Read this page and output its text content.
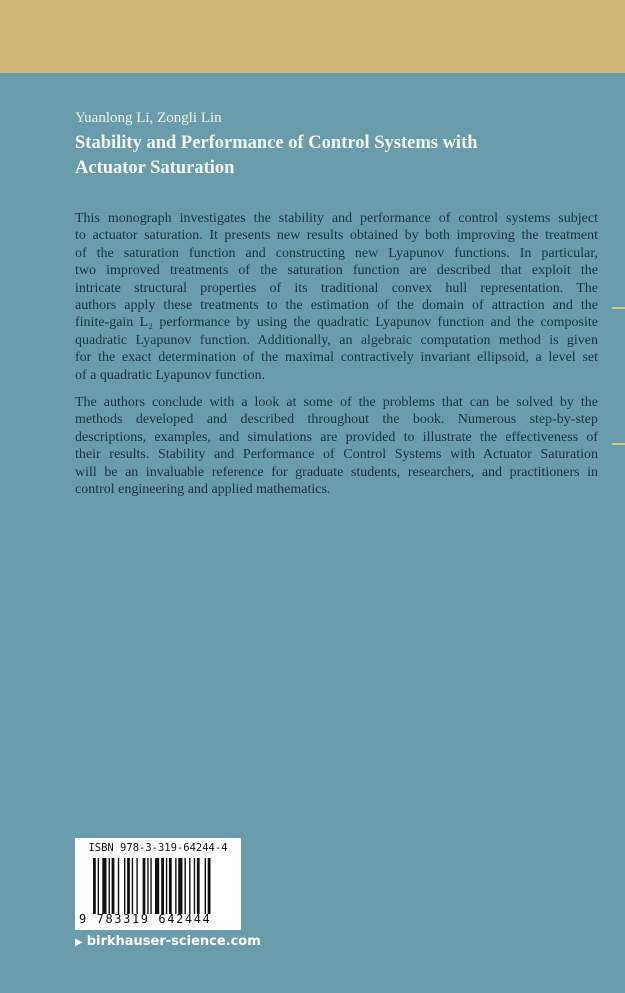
Yuanlong Li, Zongli Lin
Stability and Performance of Control Systems with
Actuator Saturation
This monograph investigates the stability and performance of control systems subject
to actuator saturation. It presents new results obtained by both improving the treatment
of the saturation function and constructing new Lyapunov functions. In particular,
two improved treatments of the saturation function are described that exploit the
intricate structural properties of its traditional convex hull representation. The
authors apply these treatments to the estimation of the domain of attraction and the
finite-gain L₂ performance by using the quadratic Lyapunov function and the composite
quadratic Lyapunov function. Additionally, an algebraic computation method is given
for the exact determination of the maximal contractively invariant ellipsoid, a level set
of a quadratic Lyapunov function.
The authors conclude with a look at some of the problems that can be solved by the
methods developed and described throughout the book. Numerous step-by-step
descriptions, examples, and simulations are provided to illustrate the effectiveness of
their results. Stability and Performance of Control Systems with Actuator Saturation
will be an invaluable reference for graduate students, researchers, and practitioners in
control engineering and applied mathematics.
ISBN 978-3-319-64244-4
9 783319 642444
▶ birkhauser-science.com
